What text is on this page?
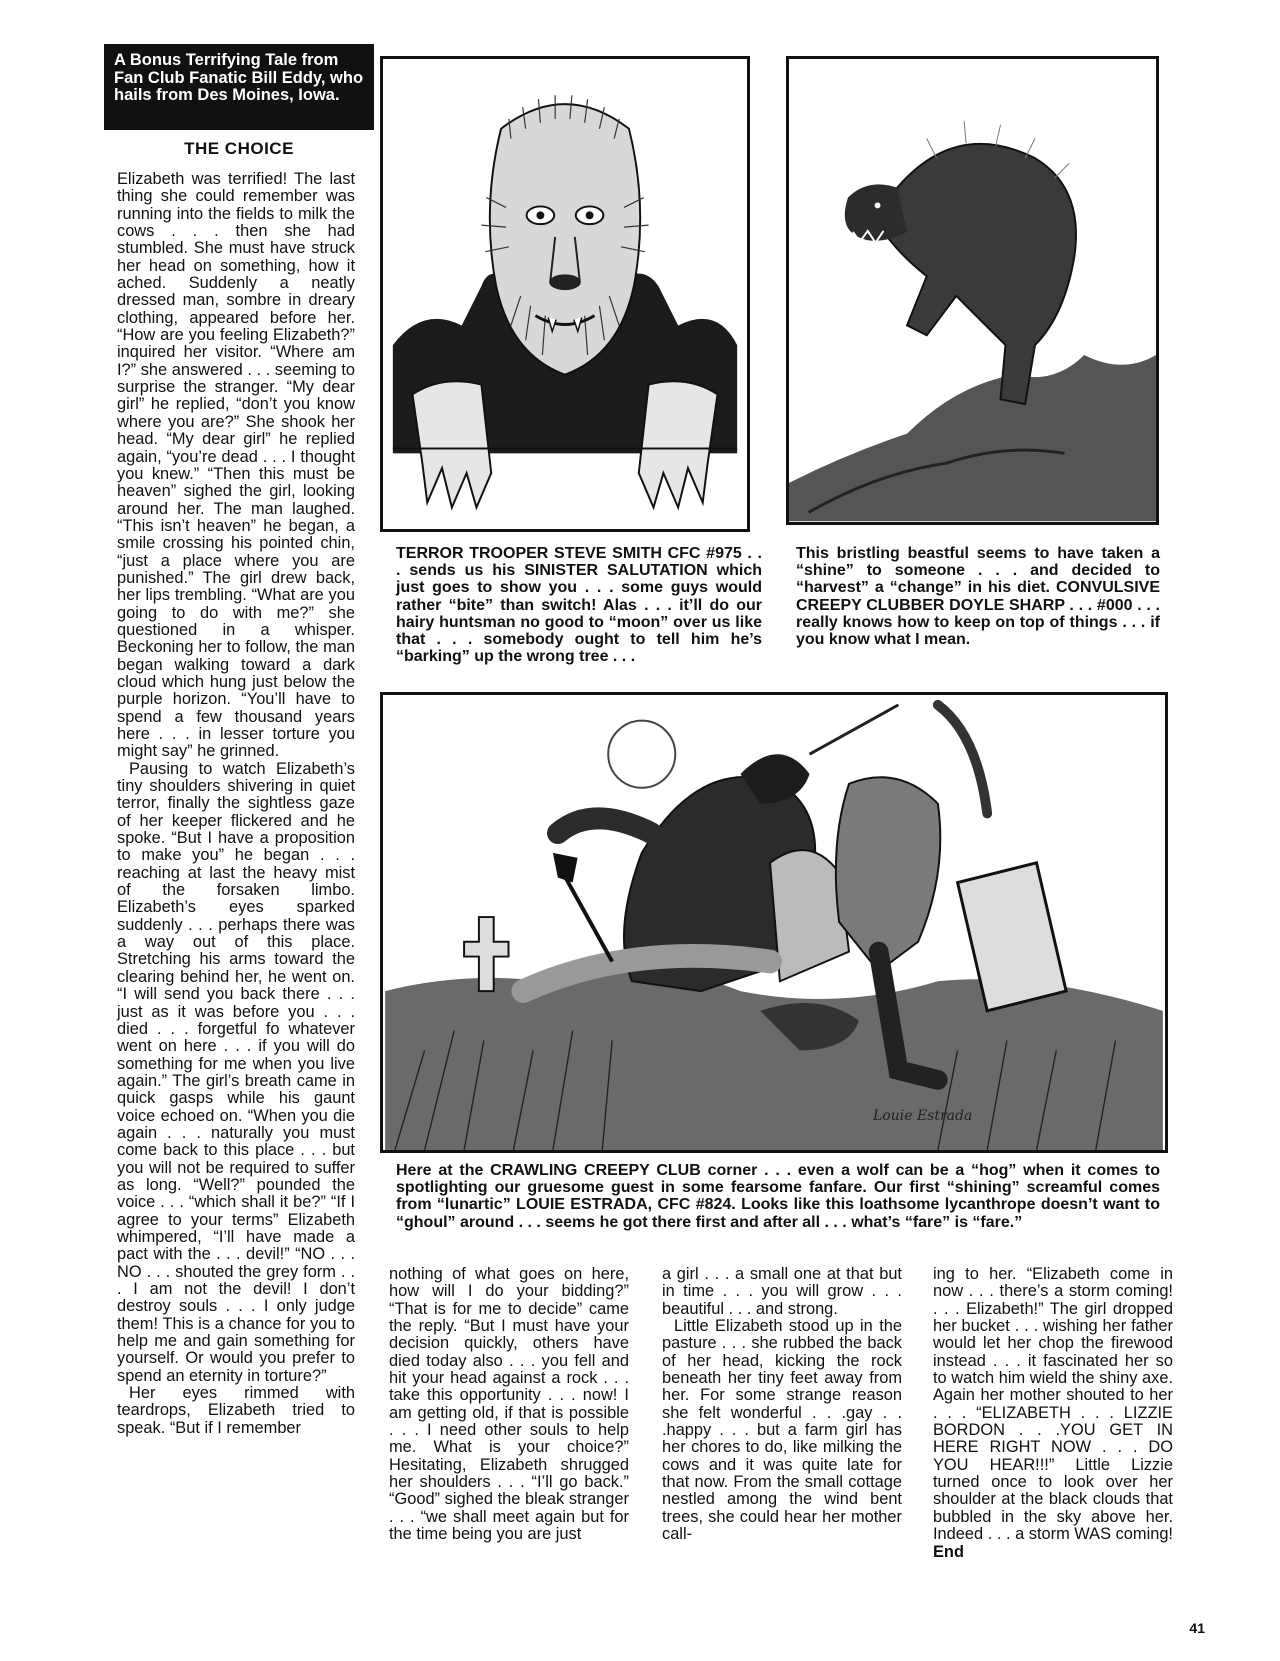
A Bonus Terrifying Tale from Fan Club Fanatic Bill Eddy, who hails from Des Moines, Iowa.
THE CHOICE

Elizabeth was terrified! The last thing she could remember was running into the fields to milk the cows . . . then she had stumbled. She must have struck her head on something, how it ached. Suddenly a neatly dressed man, sombre in dreary clothing, appeared before her. “How are you feeling Elizabeth?” inquired her visitor. “Where am I?” she answered . . . seeming to surprise the stranger. “My dear girl” he replied, “don’t you know where you are?” She shook her head. “My dear girl” he replied again, “you’re dead . . . I thought you knew.” “Then this must be heaven” sighed the girl, looking around her. The man laughed. “This isn’t heaven” he began, a smile crossing his pointed chin, “just a place where you are punished.” The girl drew back, her lips trembling. “What are you going to do with me?” she questioned in a whisper. Beckoning her to follow, the man began walking toward a dark cloud which hung just below the purple horizon. “You’ll have to spend a few thousand years here . . . in lesser torture you might say” he grinned.

Pausing to watch Elizabeth’s tiny shoulders shivering in quiet terror, finally the sightless gaze of her keeper flickered and he spoke. “But I have a proposition to make you” he began . . . reaching at last the heavy mist of the forsaken limbo. Elizabeth’s eyes sparked suddenly . . . perhaps there was a way out of this place. Stretching his arms toward the clearing behind her, he went on. “I will send you back there . . . just as it was before you . . . died . . . forgetful fo whatever went on here . . . if you will do something for me when you live again.” The girl’s breath came in quick gasps while his gaunt voice echoed on. “When you die again . . . naturally you must come back to this place . . . but you will not be required to suffer as long. “Well?” pounded the voice . . . “which shall it be?” “If I agree to your terms” Elizabeth whimpered, “I’ll have made a pact with the . . . devil!” “NO . . . NO . . . shouted the grey form . . . I am not the devil! I don’t destroy souls . . . I only judge them! This is a chance for you to help me and gain something for yourself. Or would you prefer to spend an eternity in torture?”

Her eyes rimmed with teardrops, Elizabeth tried to speak. “But if I remember

TERROR TROOPER STEVE SMITH CFC #975 . . . sends us his SINISTER SALUTATION which just goes to show you . . . some guys would rather “bite” than switch! Alas . . . it’ll do our hairy huntsman no good to “moon” over us like that . . . somebody ought to tell him he’s “barking” up the wrong tree . . .
This bristling beastful seems to have taken a “shine” to someone . . . and decided to “harvest” a “change” in his diet. CONVULSIVE CREEPY CLUBBER DOYLE SHARP . . . #000 . . . really knows how to keep on top of things . . . if you know what I mean.
Louie Estrada
Here at the CRAWLING CREEPY CLUB corner . . . even a wolf can be a “hog” when it comes to spotlighting our gruesome guest in some fearsome fanfare. Our first “shining” screamful comes from “lunartic” LOUIE ESTRADA, CFC #824. Looks like this loathsome lycanthrope doesn’t want to “ghoul” around . . . seems he got there first and after all . . . what’s “fare” is “fare.”

nothing of what goes on here, how will I do your bidding?” “That is for me to decide” came the reply. “But I must have your decision quickly, others have died today also . . . you fell and hit your head against a rock . . . take this opportunity . . . now! I am getting old, if that is possible . . . I need other souls to help me. What is your choice?” Hesitating, Elizabeth shrugged her shoulders . . . “I’ll go back.” “Good” sighed the bleak stranger . . . “we shall meet again but for the time being you are just

a girl . . . a small one at that but in time . . . you will grow . . . beautiful . . . and strong.

Little Elizabeth stood up in the pasture . . . she rubbed the back of her head, kicking the rock beneath her tiny feet away from her. For some strange reason she felt wonderful . . .gay . . .happy . . . but a farm girl has her chores to do, like milking the cows and it was quite late for that now. From the small cottage nestled among the wind bent trees, she could hear her mother call-

ing to her. “Elizabeth come in now . . . there’s a storm coming! . . . Elizabeth!” The girl dropped her bucket . . . wishing her father would let her chop the firewood instead . . . it fascinated her so to watch him wield the shiny axe. Again her mother shouted to her . . . “ELIZABETH . . . LIZZIE BORDON . . .YOU GET IN HERE RIGHT NOW . . . DO YOU HEAR!!!” Little Lizzie turned once to look over her shoulder at the black clouds that bubbled in the sky above her. Indeed . . . a storm WAS coming! End

41
